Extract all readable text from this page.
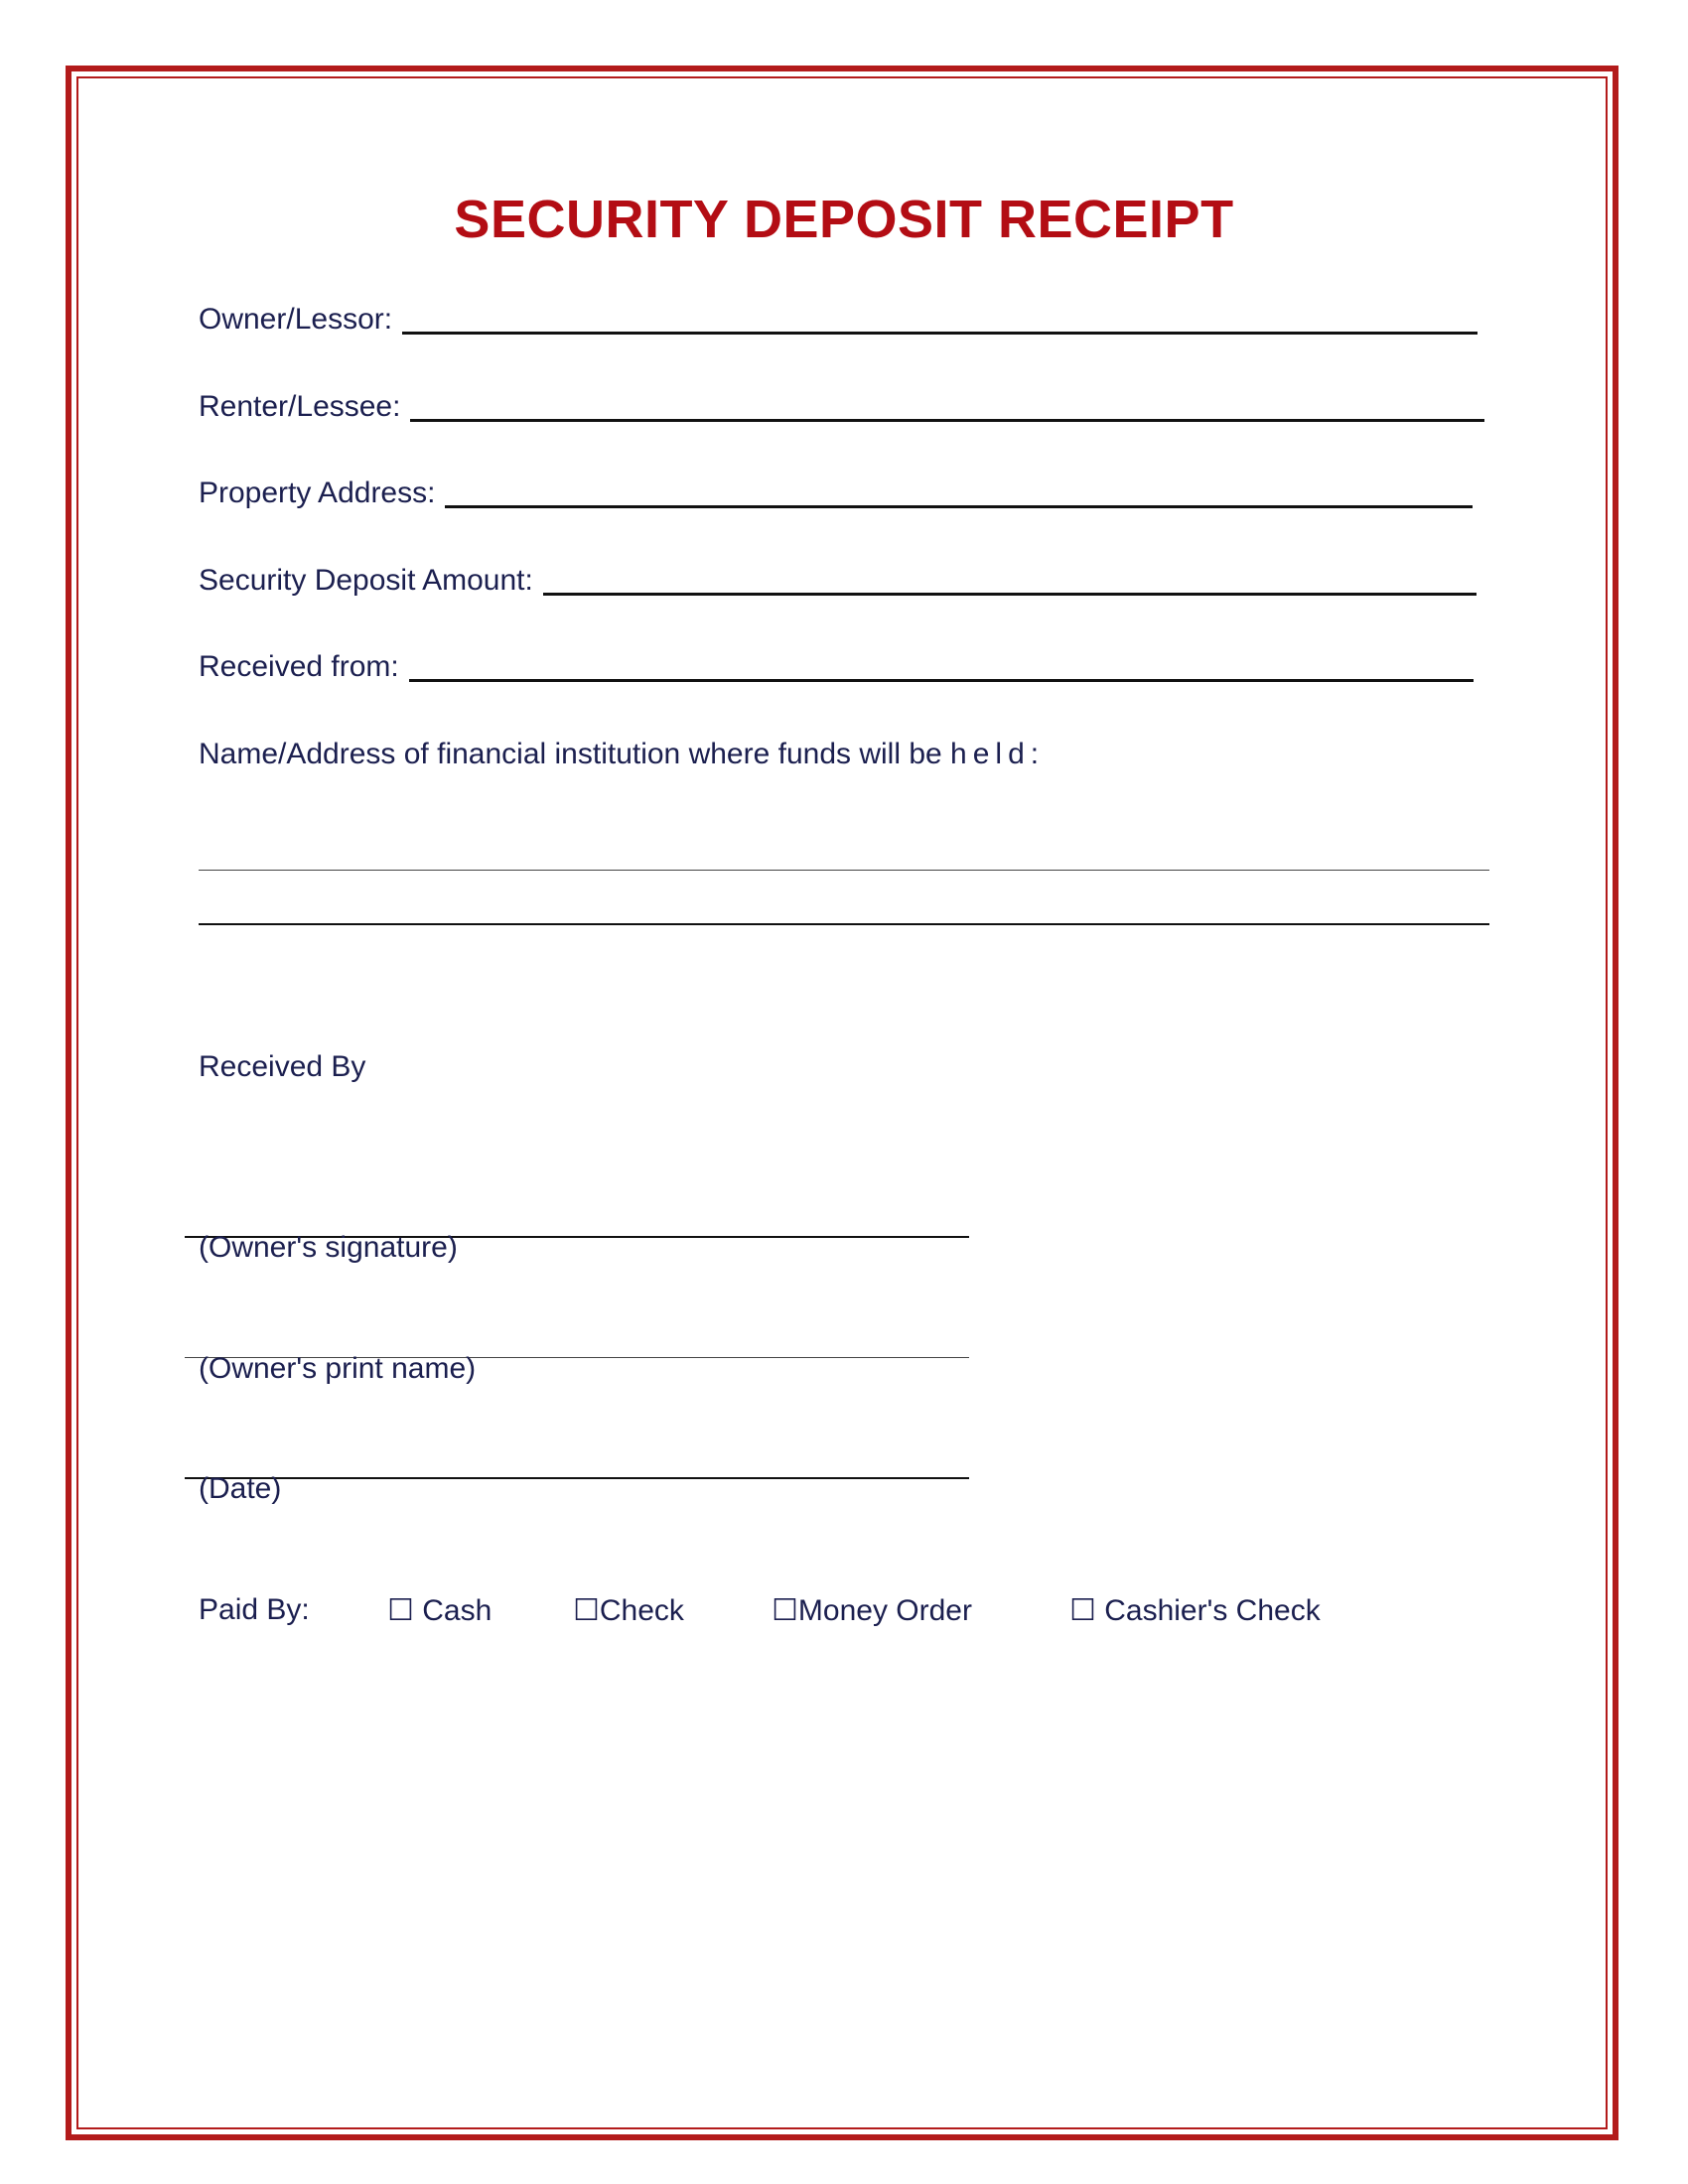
SECURITY DEPOSIT RECEIPT
Owner/Lessor:
Renter/Lessee:
Property Address:
Security Deposit Amount:
Received from:
Name/Address of financial institution where funds will be held:
Received By
(Owner's signature)
(Owner's print name)
(Date)
Paid By:	☐ Cash	☐Check	☐Money Order	☐ Cashier's Check
